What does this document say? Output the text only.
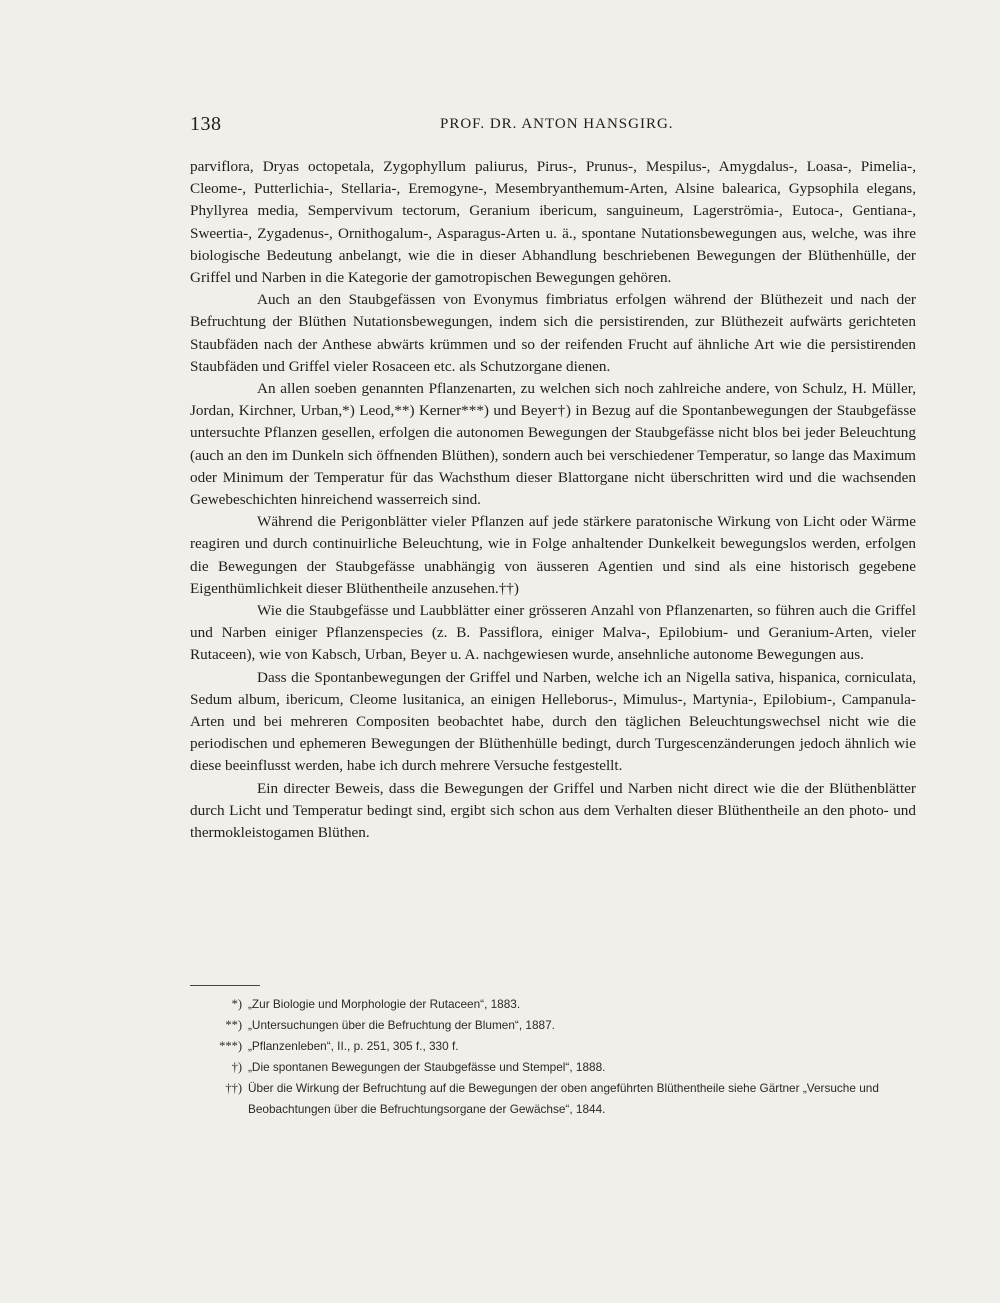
138	PROF. DR. ANTON HANSGIRG.

parviflora, Dryas octopetala, Zygophyllum paliurus, Pirus-, Prunus-, Mespilus-, Amygdalus-, Loasa-, Pimelia-, Cleome-, Putterlichia-, Stellaria-, Eremogyne-, Mesembryanthemum-Arten, Alsine balearica, Gypsophila elegans, Phyllyrea media, Sempervivum tectorum, Geranium ibericum, sanguineum, Lagerströmia-, Eutoca-, Gentiana-, Sweertia-, Zygadenus-, Ornithogalum-, Asparagus-Arten u. ä., spontane Nutationsbewegungen aus, welche, was ihre biologische Bedeutung anbelangt, wie die in dieser Abhandlung beschriebenen Bewegungen der Blüthenhülle, der Griffel und Narben in die Kategorie der gamotropischen Bewegungen gehören.

Auch an den Staubgefässen von Evonymus fimbriatus erfolgen während der Blüthezeit und nach der Befruchtung der Blüthen Nutationsbewegungen, indem sich die persistirenden, zur Blüthezeit aufwärts gerichteten Staubfäden nach der Anthese abwärts krümmen und so der reifenden Frucht auf ähnliche Art wie die persistirenden Staubfäden und Griffel vieler Rosaceen etc. als Schutzorgane dienen.

An allen soeben genannten Pflanzenarten, zu welchen sich noch zahlreiche andere, von Schulz, H. Müller, Jordan, Kirchner, Urban,*) Leod,**) Kerner***) und Beyer†) in Bezug auf die Spontanbewegungen der Staubgefässe untersuchte Pflanzen gesellen, erfolgen die autonomen Bewegungen der Staubgefässe nicht blos bei jeder Beleuchtung (auch an den im Dunkeln sich öffnenden Blüthen), sondern auch bei verschiedener Temperatur, so lange das Maximum oder Minimum der Temperatur für das Wachsthum dieser Blattorgane nicht überschritten wird und die wachsenden Gewebeschichten hinreichend wasserreich sind.

Während die Perigonblätter vieler Pflanzen auf jede stärkere paratonische Wirkung von Licht oder Wärme reagiren und durch continuirliche Beleuchtung, wie in Folge anhaltender Dunkelkeit bewegungslos werden, erfolgen die Bewegungen der Staubgefässe unabhängig von äusseren Agentien und sind als eine historisch gegebene Eigenthümlichkeit dieser Blüthentheile anzusehen.††)

Wie die Staubgefässe und Laubblätter einer grösseren Anzahl von Pflanzenarten, so führen auch die Griffel und Narben einiger Pflanzenspecies (z. B. Passiflora, einiger Malva-, Epilobium- und Geranium-Arten, vieler Rutaceen), wie von Kabsch, Urban, Beyer u. A. nachgewiesen wurde, ansehnliche autonome Bewegungen aus.

Dass die Spontanbewegungen der Griffel und Narben, welche ich an Nigella sativa, hispanica, corniculata, Sedum album, ibericum, Cleome lusitanica, an einigen Helleborus-, Mimulus-, Martynia-, Epilobium-, Campanula-Arten und bei mehreren Compositen beobachtet habe, durch den täglichen Beleuchtungswechsel nicht wie die periodischen und ephemeren Bewegungen der Blüthenhülle bedingt, durch Turgescenzänderungen jedoch ähnlich wie diese beeinflusst werden, habe ich durch mehrere Versuche festgestellt.

Ein directer Beweis, dass die Bewegungen der Griffel und Narben nicht direct wie die der Blüthenblätter durch Licht und Temperatur bedingt sind, ergibt sich schon aus dem Verhalten dieser Blüthentheile an den photo- und thermokleistogamen Blüthen.

*) „Zur Biologie und Morphologie der Rutaceen“, 1883.
**) „Untersuchungen über die Befruchtung der Blumen“, 1887.
***) „Pflanzenleben“, II., p. 251, 305 f., 330 f.
†) „Die spontanen Bewegungen der Staubgefässe und Stempel“, 1888.
††) Über die Wirkung der Befruchtung auf die Bewegungen der oben angeführten Blüthentheile siehe Gärtner „Versuche und Beobachtungen über die Befruchtungsorgane der Gewächse“, 1844.
